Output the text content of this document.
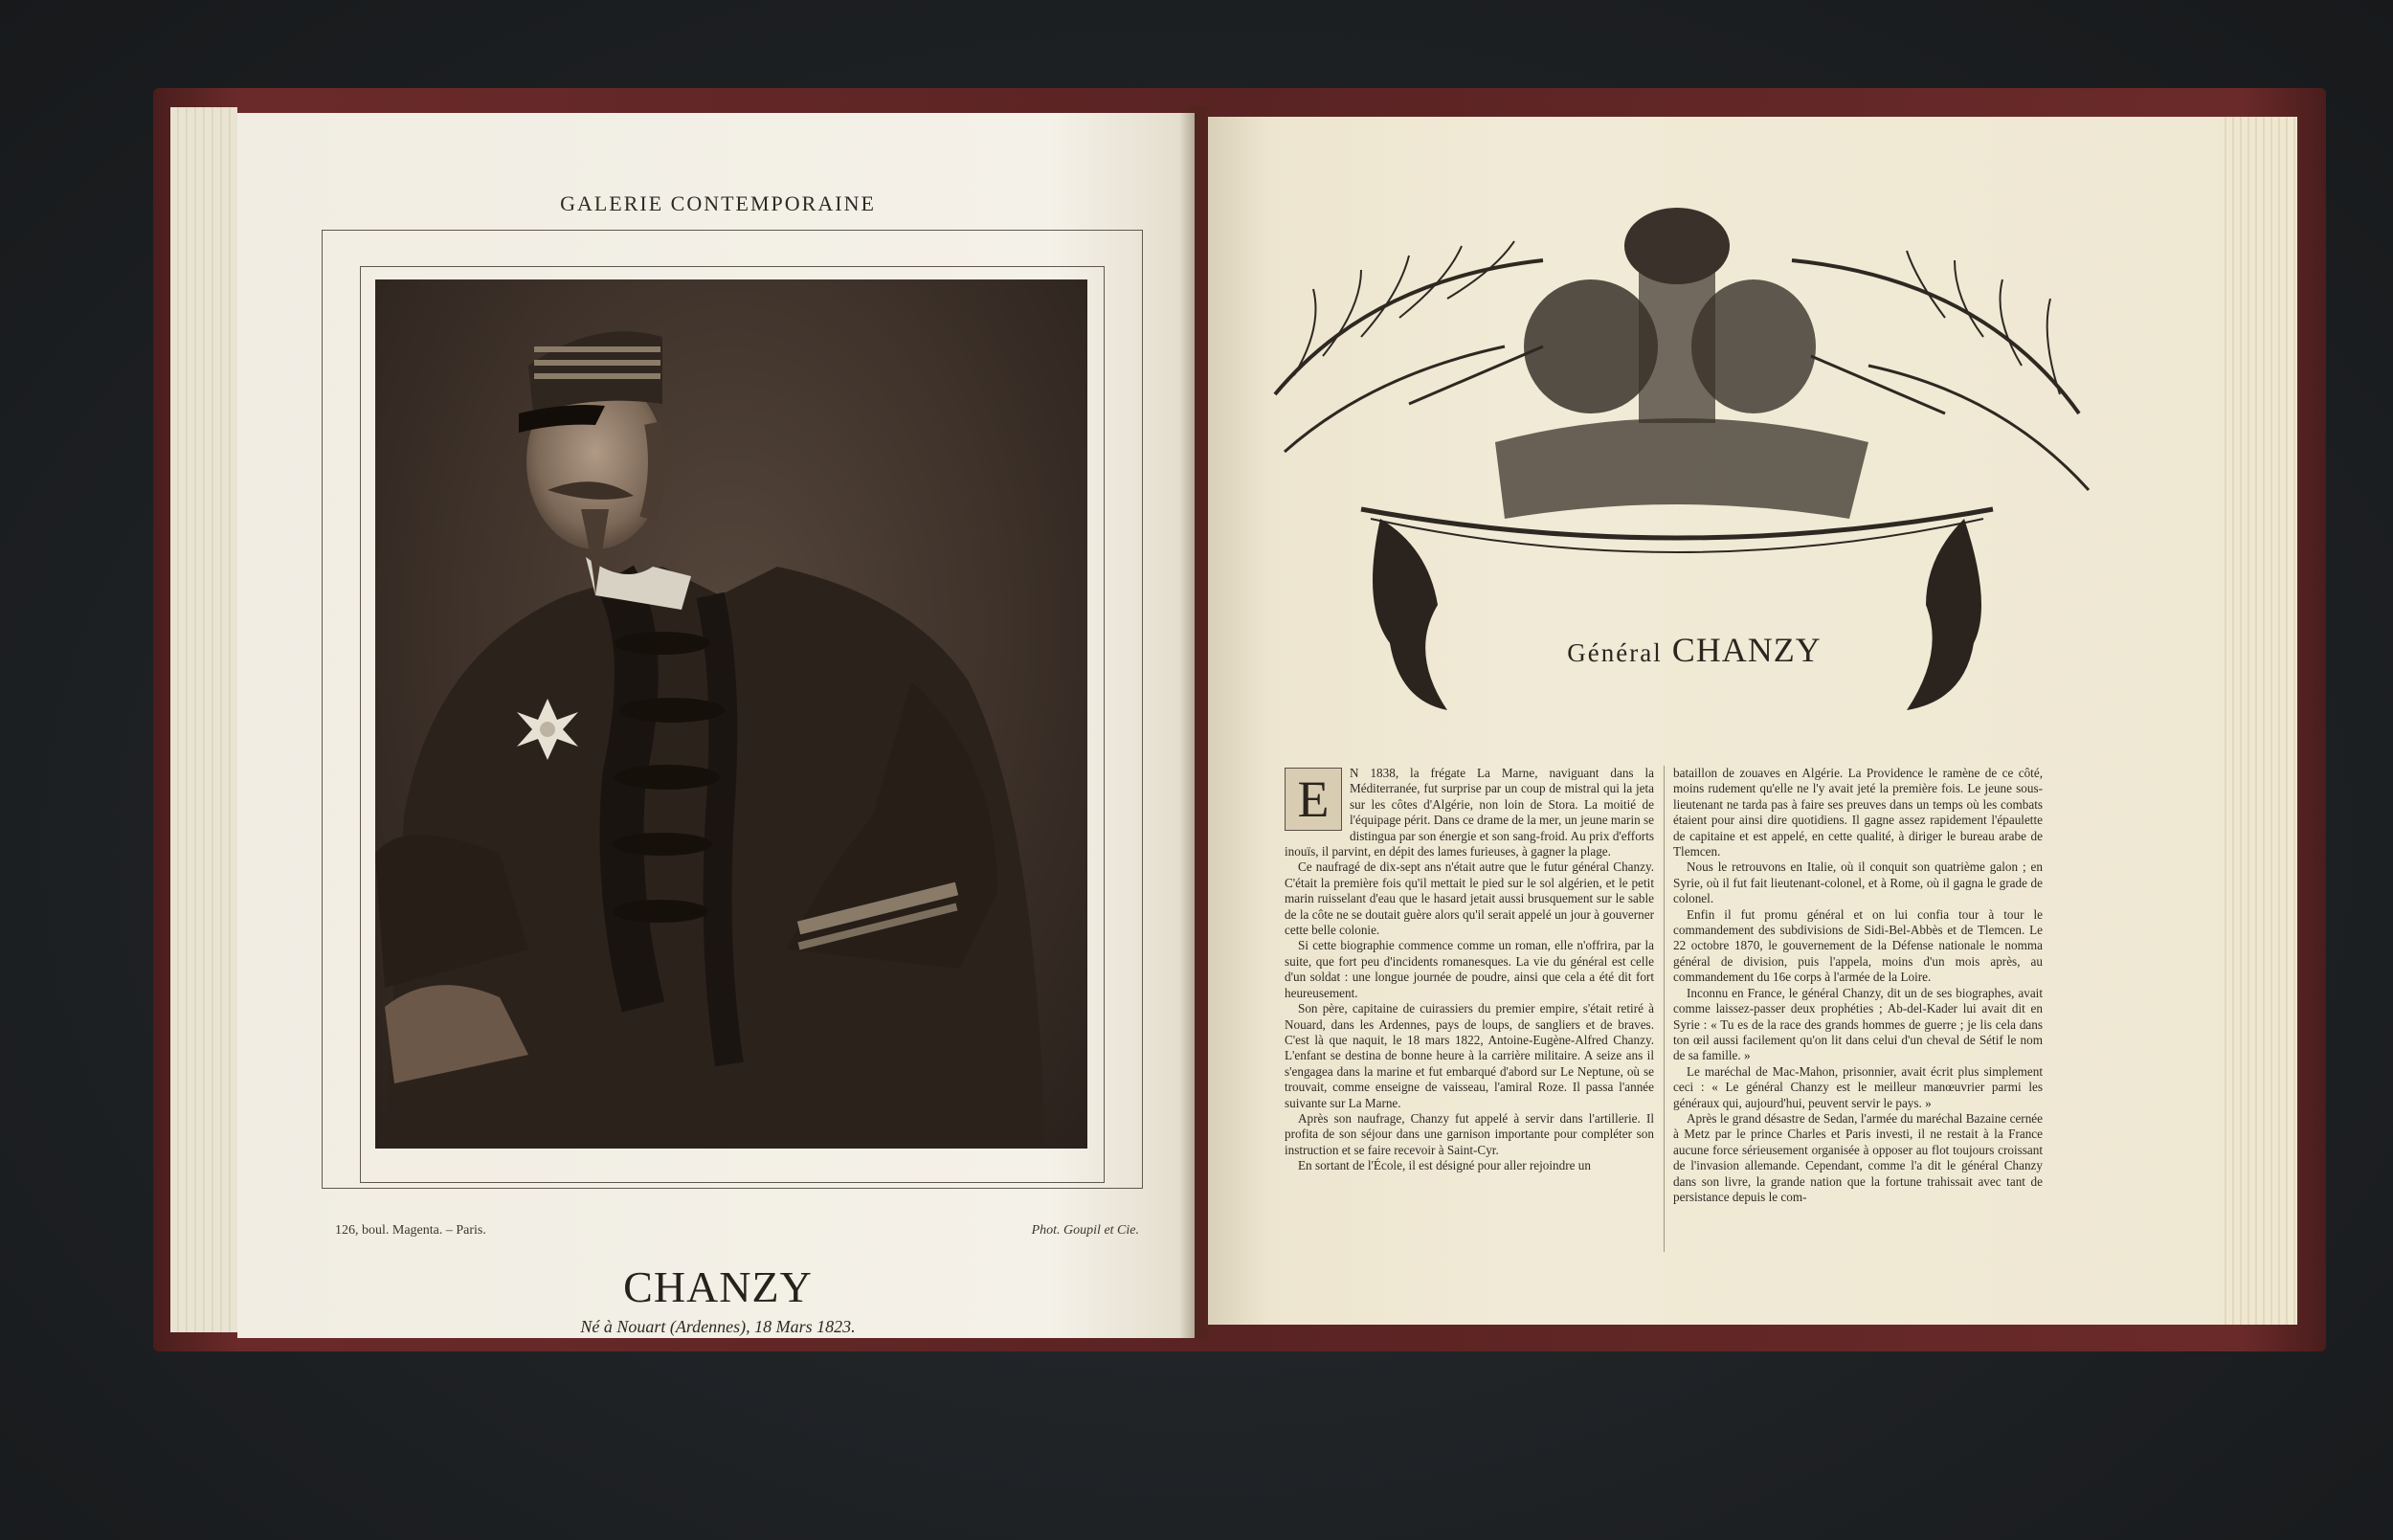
GALERIE CONTEMPORAINE
126, boul. Magenta. – Paris.	Phot. Goupil et Cie.
CHANZY
Né à Nouart (Ardennes), 18 Mars 1823.
Général CHANZY
E	N 1838, la frégate La Marne, naviguant dans la Méditerranée, fut surprise par un coup de mistral qui la jeta sur les côtes d'Algérie, non loin de Stora. La moitié de l'équipage périt. Dans ce drame de la mer, un jeune marin se distingua par son énergie et son sang-froid. Au prix d'efforts inouïs, il parvint, en dépit des lames furieuses, à gagner la plage.

Ce naufragé de dix-sept ans n'était autre que le futur général Chanzy. C'était la première fois qu'il mettait le pied sur le sol algérien, et le petit marin ruisselant d'eau que le hasard jetait aussi brusquement sur le sable de la côte ne se doutait guère alors qu'il serait appelé un jour à gouverner cette belle colonie.

Si cette biographie commence comme un roman, elle n'offrira, par la suite, que fort peu d'incidents romanesques. La vie du général est celle d'un soldat : une longue journée de poudre, ainsi que cela a été dit fort heureusement.

Son père, capitaine de cuirassiers du premier empire, s'était retiré à Nouard, dans les Ardennes, pays de loups, de sangliers et de braves. C'est là que naquit, le 18 mars 1822, Antoine-Eugène-Alfred Chanzy. L'enfant se destina de bonne heure à la carrière militaire. A seize ans il s'engagea dans la marine et fut embarqué d'abord sur Le Neptune, où se trouvait, comme enseigne de vaisseau, l'amiral Roze. Il passa l'année suivante sur La Marne.

Après son naufrage, Chanzy fut appelé à servir dans l'artillerie. Il profita de son séjour dans une garnison importante pour compléter son instruction et se faire recevoir à Saint-Cyr.

En sortant de l'École, il est désigné pour aller rejoindre un

bataillon de zouaves en Algérie. La Providence le ramène de ce côté, moins rudement qu'elle ne l'y avait jeté la première fois. Le jeune sous-lieutenant ne tarda pas à faire ses preuves dans un temps où les combats étaient pour ainsi dire quotidiens. Il gagne assez rapidement l'épaulette de capitaine et est appelé, en cette qualité, à diriger le bureau arabe de Tlemcen.

Nous le retrouvons en Italie, où il conquit son quatrième galon ; en Syrie, où il fut fait lieutenant-colonel, et à Rome, où il gagna le grade de colonel.

Enfin il fut promu général et on lui confia tour à tour le commandement des subdivisions de Sidi-Bel-Abbès et de Tlemcen. Le 22 octobre 1870, le gouvernement de la Défense nationale le nomma général de division, puis l'appela, moins d'un mois après, au commandement du 16e corps à l'armée de la Loire.

Inconnu en France, le général Chanzy, dit un de ses biographes, avait comme laissez-passer deux prophéties ; Ab-del-Kader lui avait dit en Syrie : « Tu es de la race des grands hommes de guerre ; je lis cela dans ton œil aussi facilement qu'on lit dans celui d'un cheval de Sétif le nom de sa famille. »

Le maréchal de Mac-Mahon, prisonnier, avait écrit plus simplement ceci : « Le général Chanzy est le meilleur manœuvrier parmi les généraux qui, aujourd'hui, peuvent servir le pays. »

Après le grand désastre de Sedan, l'armée du maréchal Bazaine cernée à Metz par le prince Charles et Paris investi, il ne restait à la France aucune force sérieusement organisée à opposer au flot toujours croissant de l'invasion allemande. Cependant, comme l'a dit le général Chanzy dans son livre, la grande nation que la fortune trahissait avec tant de persistance depuis le com-
